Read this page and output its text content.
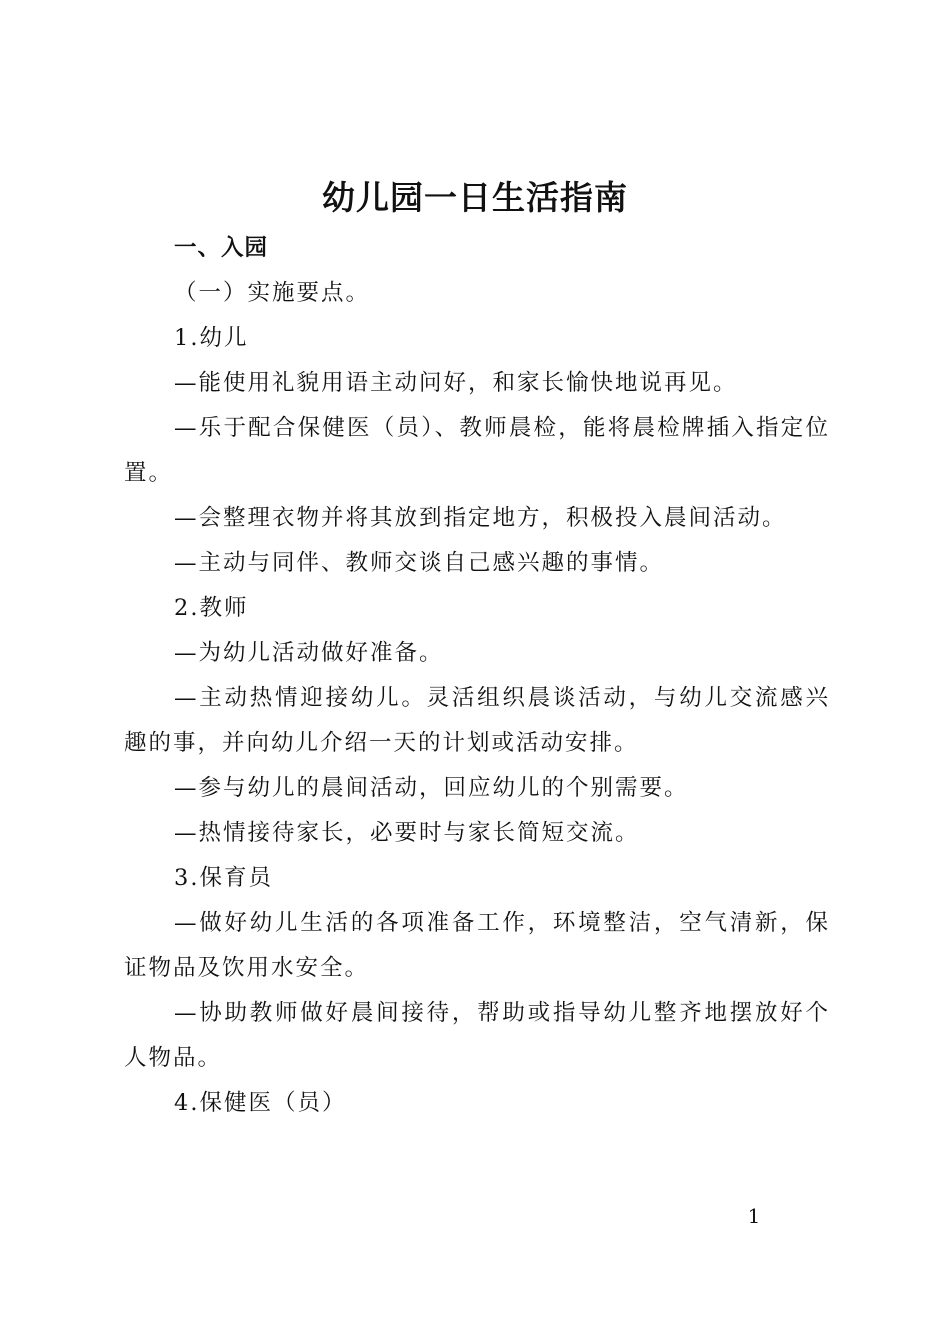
幼儿园一日生活指南

一、入园

（一）实施要点。

1.幼儿

—能使用礼貌用语主动问好，和家长愉快地说再见。

—乐于配合保健医（员）、教师晨检，能将晨检牌插入指定位置。

—会整理衣物并将其放到指定地方，积极投入晨间活动。

—主动与同伴、教师交谈自己感兴趣的事情。

2.教师

—为幼儿活动做好准备。

—主动热情迎接幼儿。灵活组织晨谈活动，与幼儿交流感兴趣的事，并向幼儿介绍一天的计划或活动安排。

—参与幼儿的晨间活动，回应幼儿的个别需要。

—热情接待家长，必要时与家长简短交流。

3.保育员

—做好幼儿生活的各项准备工作，环境整洁，空气清新，保证物品及饮用水安全。

—协助教师做好晨间接待，帮助或指导幼儿整齐地摆放好个人物品。

4.保健医（员）

1
